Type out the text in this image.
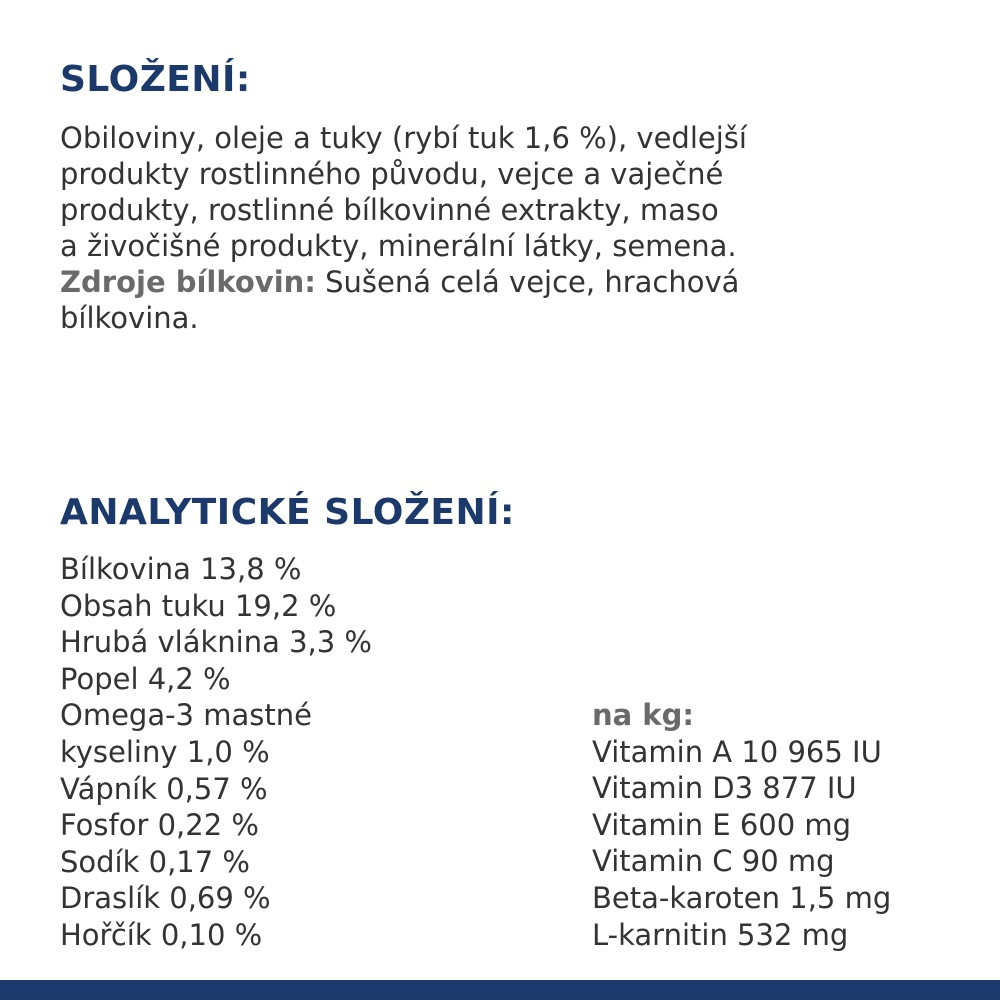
SLOŽENÍ:
Obiloviny, oleje a tuky (rybí tuk 1,6 %), vedlejší
produkty rostlinného původu, vejce a vaječné
produkty, rostlinné bílkovinné extrakty, maso
a živočišné produkty, minerální látky, semena.
Zdroje bílkovin: Sušená celá vejce, hrachová
bílkovina.
ANALYTICKÉ SLOŽENÍ:
Bílkovina 13,8 %
Obsah tuku 19,2 %
Hrubá vláknina 3,3 %
Popel 4,2 %
Omega-3 mastné
kyseliny 1,0 %
Vápník 0,57 %
Fosfor 0,22 %
Sodík 0,17 %
Draslík 0,69 %
Hořčík 0,10 %
na kg:
Vitamin A 10 965 IU
Vitamin D3 877 IU
Vitamin E 600 mg
Vitamin C 90 mg
Beta-karoten 1,5 mg
L-karnitin 532 mg
